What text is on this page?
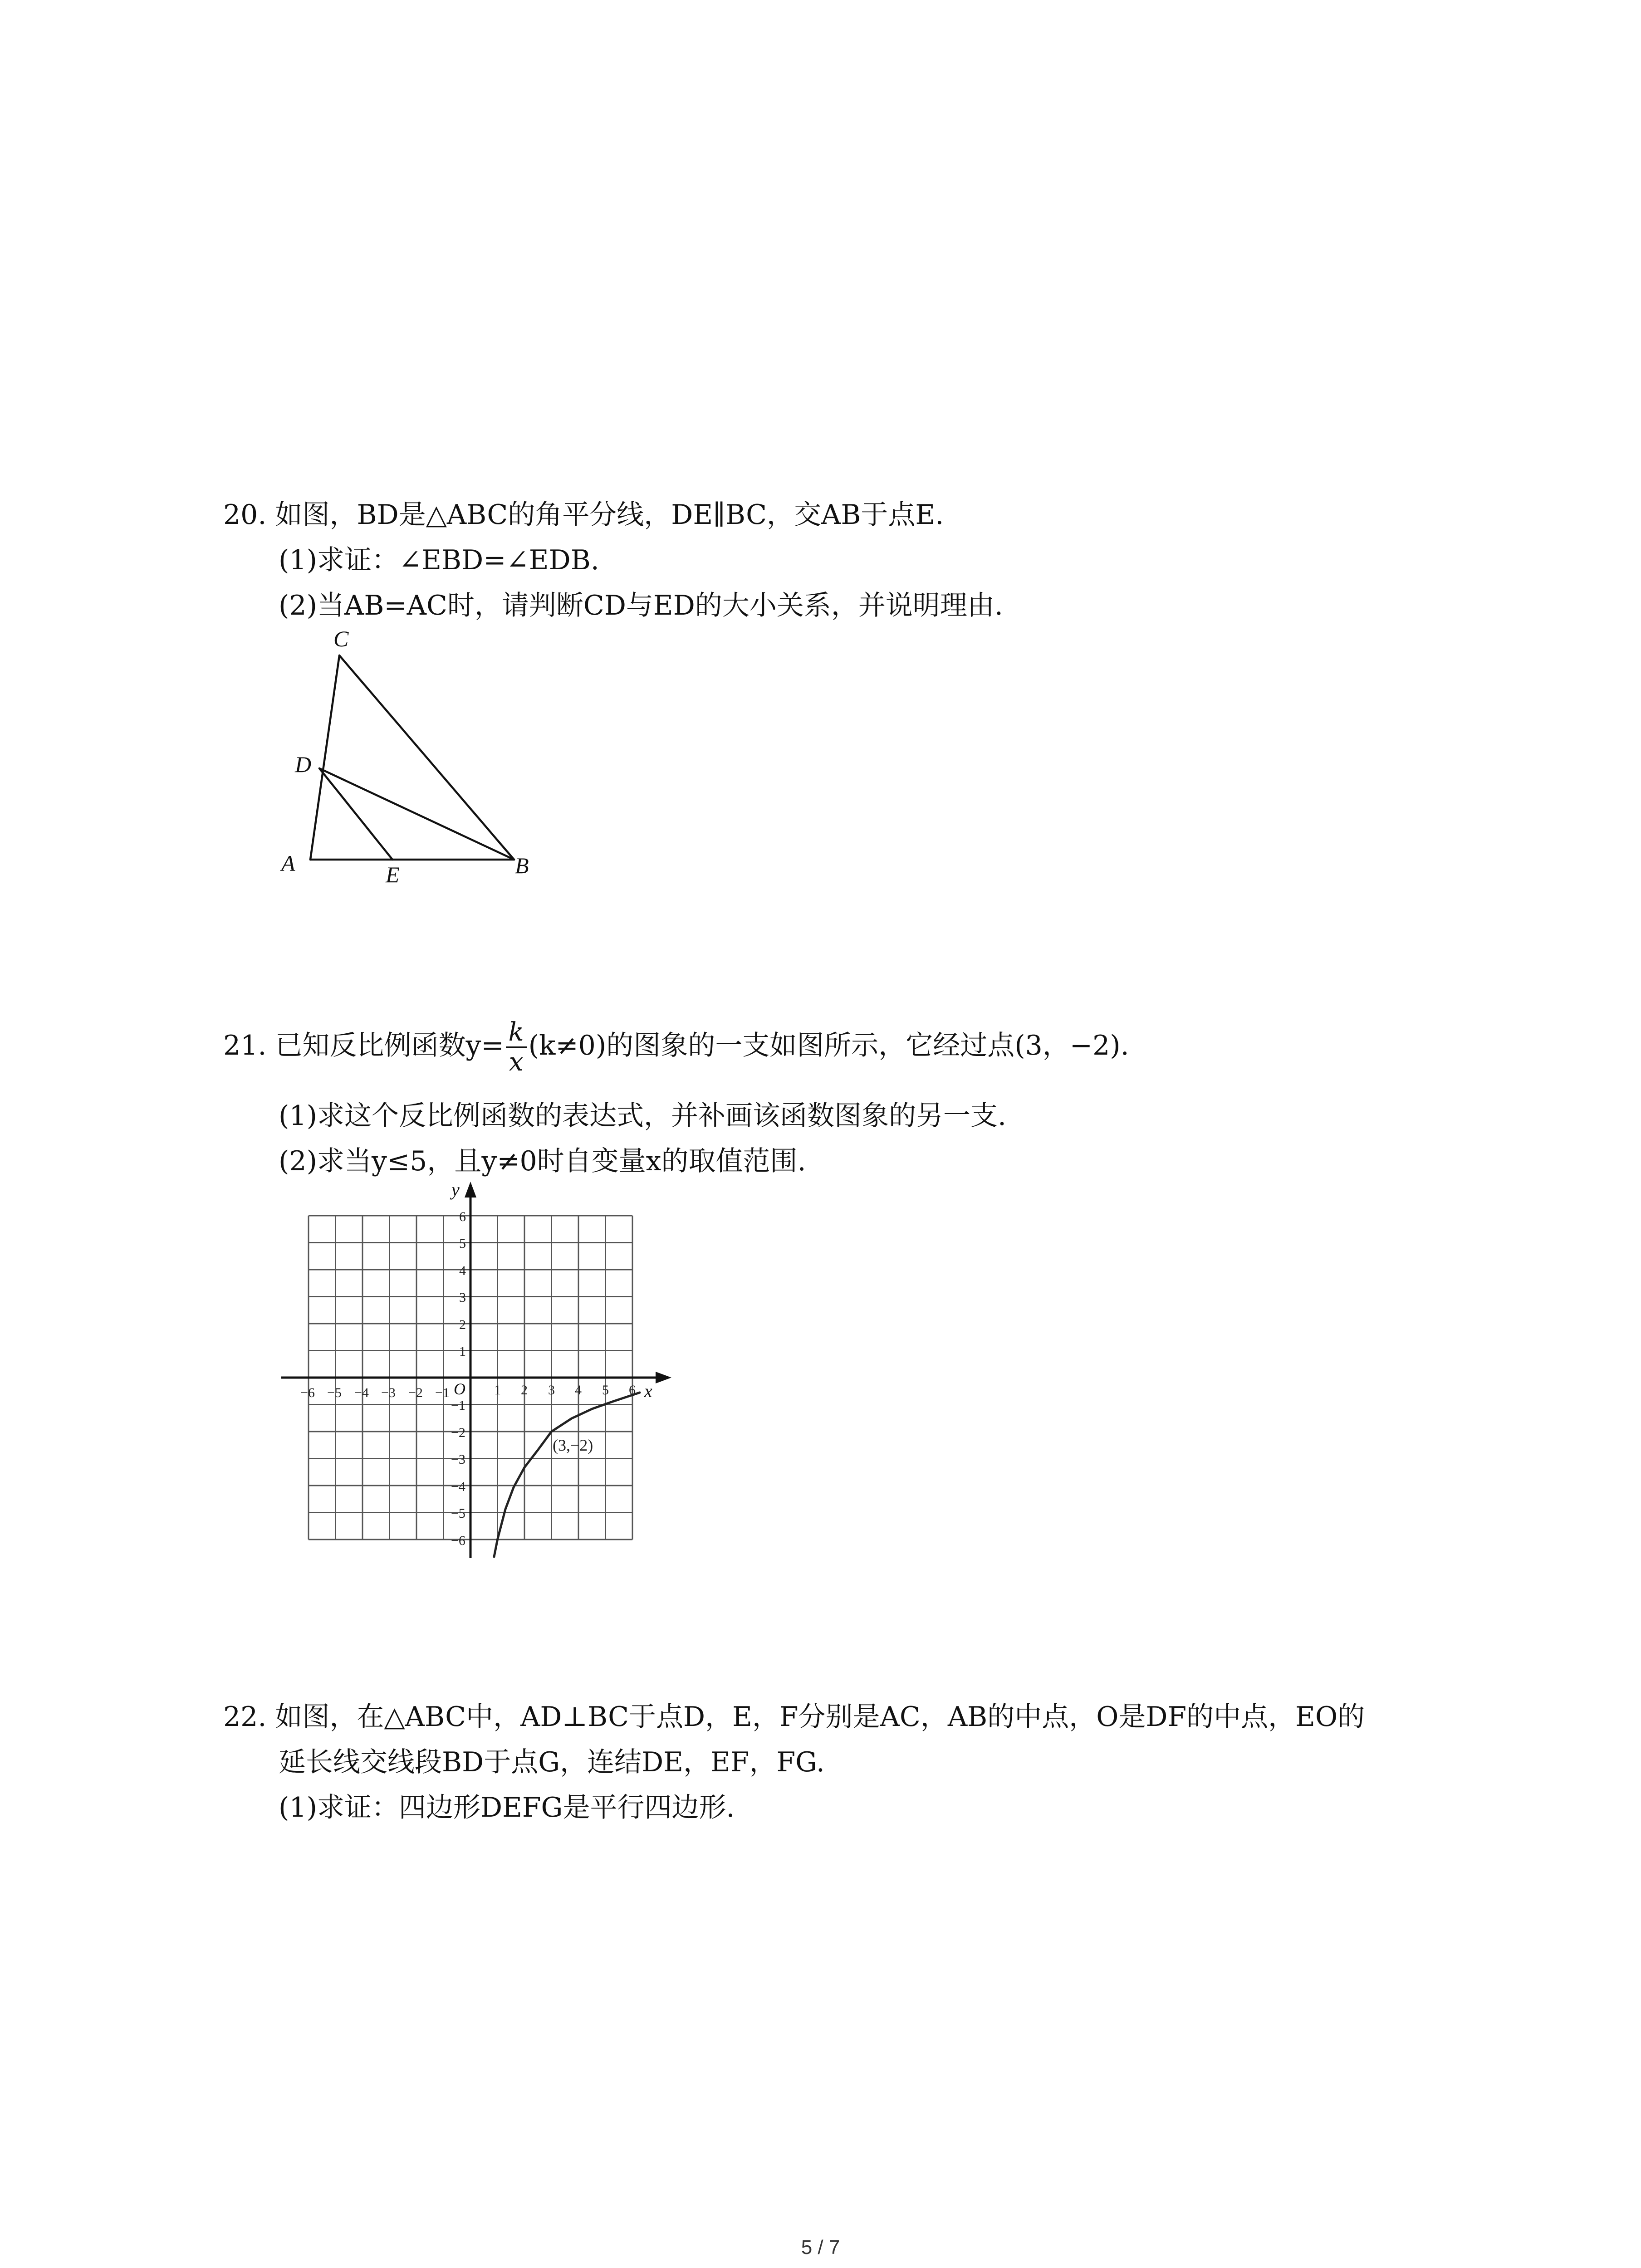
20. 如图，BD是△ABC的角平分线，DE∥BC，交AB于点E.
(1)求证：∠EBD=∠EDB.
(2)当AB=AC时，请判断CD与ED的大小关系，并说明理由.
C
D
A	E	B
21. 已知反比例函数$y= \frac{k}{x} (k\ne 0)$的图象的一支如图所示，它经过点(3，−2).
(1)求这个反比例函数的表达式，并补画该函数图象的另一支.
(2)求当y≤5，且y≠0时自变量x的取值范围.
y
x
O
−6 −5 −4 −3 −2 −1	1 2 3 4 5 6
6
5
4
3
2
1
−1
−2
−3
−4
−5
−6
(3,−2)
22. 如图，在△ABC中，AD⊥BC于点D，E，F分别是AC，AB的中点，O是DF的中点，EO的
延长线交线段BD于点G，连结DE，EF，FG.
(1)求证：四边形DEFG是平行四边形.
5 / 7
